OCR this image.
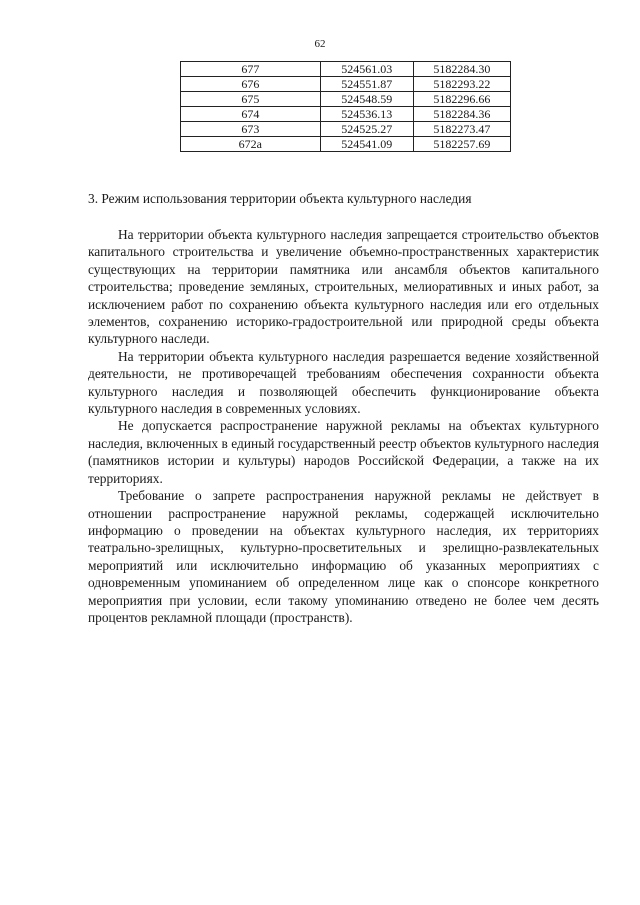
62
677	524561.03	5182284.30
676	524551.87	5182293.22
675	524548.59	5182296.66
674	524536.13	5182284.36
673	524525.27	5182273.47
672а	524541.09	5182257.69
3. Режим использования территории объекта культурного наследия

На территории объекта культурного наследия запрещается строительство объектов капитального строительства и увеличение объемно-пространственных характеристик существующих на территории памятника или ансамбля объектов капитального строительства; проведение земляных, строительных, мелиоративных и иных работ, за исключением работ по сохранению объекта культурного наследия или его отдельных элементов, сохранению историко-градостроительной или природной среды объекта культурного наследи.

На территории объекта культурного наследия разрешается ведение хозяйственной деятельности, не противоречащей требованиям обеспечения сохранности объекта культурного наследия и позволяющей обеспечить функционирование объекта культурного наследия в современных условиях.

Не допускается распространение наружной рекламы на объектах культурного наследия, включенных в единый государственный реестр объектов культурного наследия (памятников истории и культуры) народов Российской Федерации, а также на их территориях.

Требование о запрете распространения наружной рекламы не действует в отношении распространение наружной рекламы, содержащей исключительно информацию о проведении на объектах культурного наследия, их территориях театрально-зрелищных, культурно-просветительных и зрелищно-развлекательных мероприятий или исключительно информацию об указанных мероприятиях с одновременным упоминанием об определенном лице как о спонсоре конкретного мероприятия при условии, если такому упоминанию отведено не более чем десять процентов рекламной площади (пространств).
